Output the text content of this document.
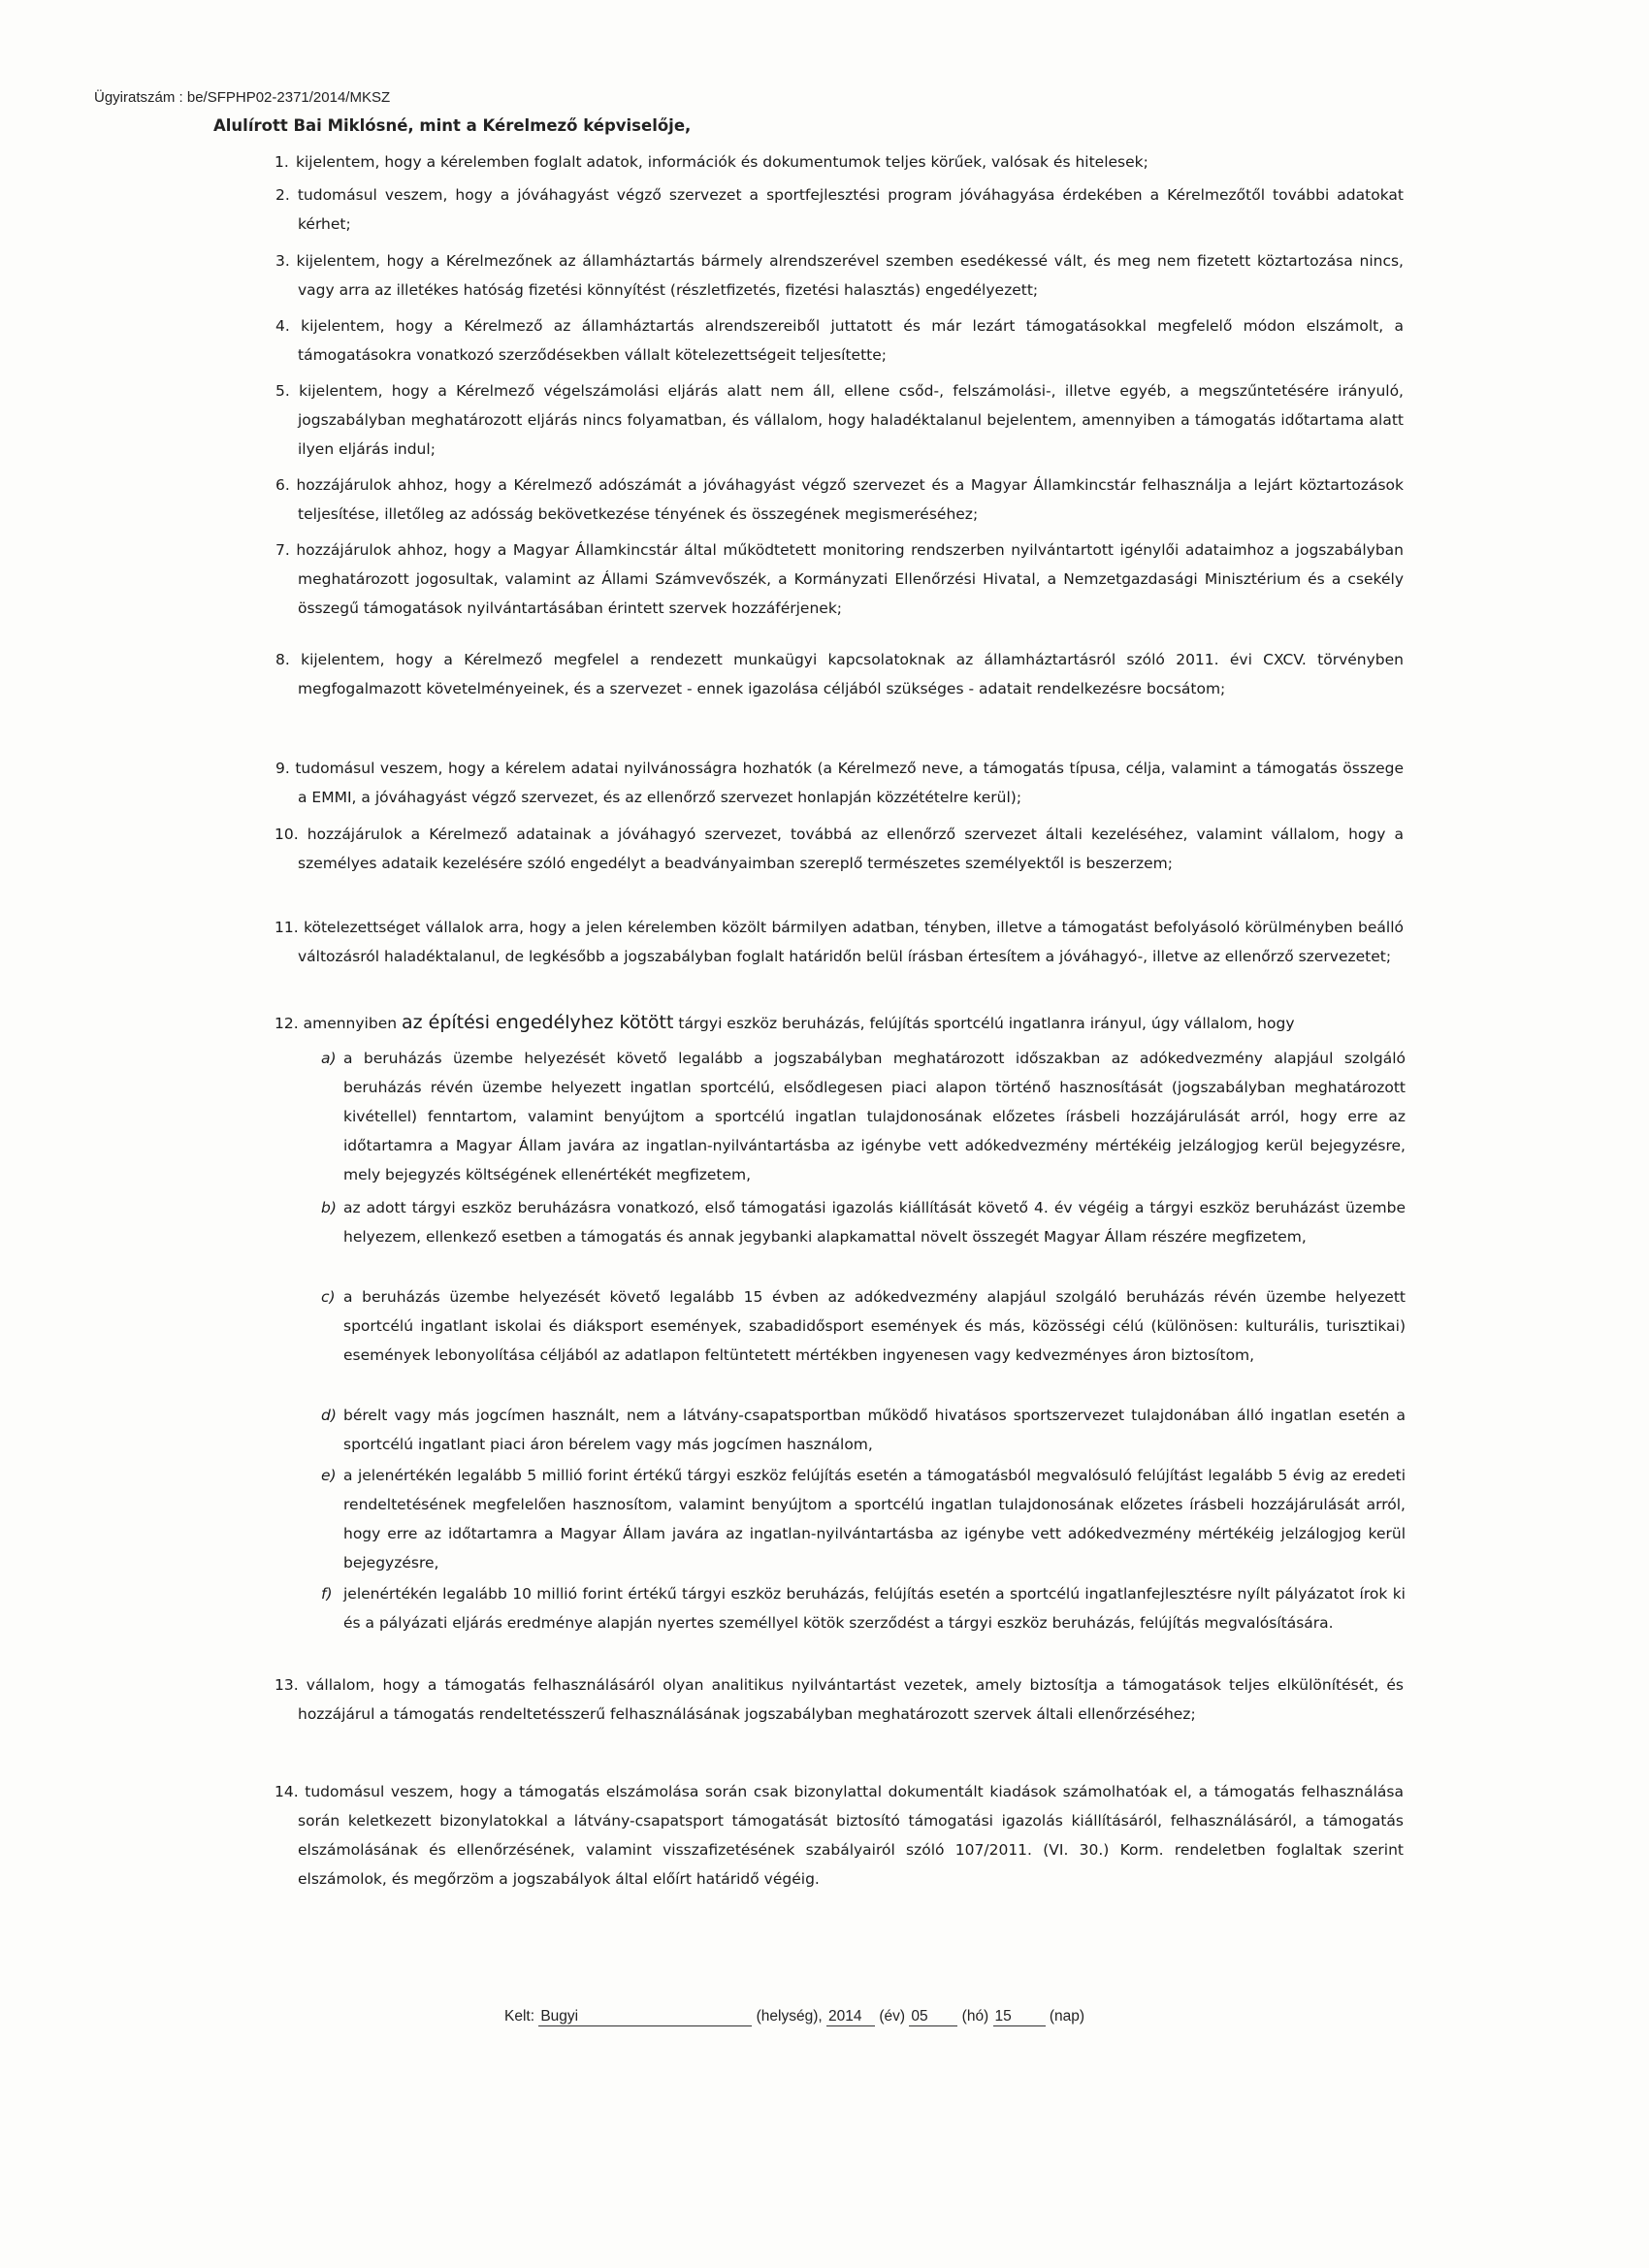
Ügyiratszám : be/SFPHP02-2371/2014/MKSZ
Alulírott Bai Miklósné, mint a Kérelmező képviselője,
1. kijelentem, hogy a kérelemben foglalt adatok, információk és dokumentumok teljes körűek, valósak és hitelesek;
2. tudomásul veszem, hogy a jóváhagyást végző szervezet a sportfejlesztési program jóváhagyása érdekében a Kérelmezőtől további adatokat kérhet;
3. kijelentem, hogy a Kérelmezőnek az államháztartás bármely alrendszerével szemben esedékessé vált, és meg nem fizetett köztartozása nincs, vagy arra az illetékes hatóság fizetési könnyítést (részletfizetés, fizetési halasztás) engedélyezett;
4. kijelentem, hogy a Kérelmező az államháztartás alrendszereiből juttatott és már lezárt támogatásokkal megfelelő módon elszámolt, a támogatásokra vonatkozó szerződésekben vállalt kötelezettségeit teljesítette;
5. kijelentem, hogy a Kérelmező végelszámolási eljárás alatt nem áll, ellene csőd-, felszámolási-, illetve egyéb, a megszűntetésére irányuló, jogszabályban meghatározott eljárás nincs folyamatban, és vállalom, hogy haladéktalanul bejelentem, amennyiben a támogatás időtartama alatt ilyen eljárás indul;
6. hozzájárulok ahhoz, hogy a Kérelmező adószámát a jóváhagyást végző szervezet és a Magyar Államkincstár felhasználja a lejárt köztartozások teljesítése, illetőleg az adósság bekövetkezése tényének és összegének megismeréséhez;
7. hozzájárulok ahhoz, hogy a Magyar Államkincstár által működtetett monitoring rendszerben nyilvántartott igénylői adataimhoz a jogszabályban meghatározott jogosultak, valamint az Állami Számvevőszék, a Kormányzati Ellenőrzési Hivatal, a Nemzetgazdasági Minisztérium és a csekély összegű támogatások nyilvántartásában érintett szervek hozzáférjenek;
8. kijelentem, hogy a Kérelmező megfelel a rendezett munkaügyi kapcsolatoknak az államháztartásról szóló 2011. évi CXCV. törvényben megfogalmazott követelményeinek, és a szervezet - ennek igazolása céljából szükséges - adatait rendelkezésre bocsátom;
9. tudomásul veszem, hogy a kérelem adatai nyilvánosságra hozhatók (a Kérelmező neve, a támogatás típusa, célja, valamint a támogatás összege a EMMI, a jóváhagyást végző szervezet, és az ellenőrző szervezet honlapján közzétételre kerül);
10. hozzájárulok a Kérelmező adatainak a jóváhagyó szervezet, továbbá az ellenőrző szervezet általi kezeléséhez, valamint vállalom, hogy a személyes adataik kezelésére szóló engedélyt a beadványaimban szereplő természetes személyektől is beszerzem;
11. kötelezettséget vállalok arra, hogy a jelen kérelemben közölt bármilyen adatban, tényben, illetve a támogatást befolyásoló körülményben beálló változásról haladéktalanul, de legkésőbb a jogszabályban foglalt határidőn belül írásban értesítem a jóváhagyó-, illetve az ellenőrző szervezetet;
12. amennyiben az építési engedélyhez kötött tárgyi eszköz beruházás, felújítás sportcélú ingatlanra irányul, úgy vállalom, hogy
a) a beruházás üzembe helyezését követő legalább a jogszabályban meghatározott időszakban az adókedvezmény alapjául szolgáló beruházás révén üzembe helyezett ingatlan sportcélú, elsődlegesen piaci alapon történő hasznosítását (jogszabályban meghatározott kivétellel) fenntartom, valamint benyújtom a sportcélú ingatlan tulajdonosának előzetes írásbeli hozzájárulását arról, hogy erre az időtartamra a Magyar Állam javára az ingatlan-nyilvántartásba az igénybe vett adókedvezmény mértékéig jelzálogjog kerül bejegyzésre, mely bejegyzés költségének ellenértékét megfizetem,
b) az adott tárgyi eszköz beruházásra vonatkozó, első támogatási igazolás kiállítását követő 4. év végéig a tárgyi eszköz beruházást üzembe helyezem, ellenkező esetben a támogatás és annak jegybanki alapkamattal növelt összegét Magyar Állam részére megfizetem,
c) a beruházás üzembe helyezését követő legalább 15 évben az adókedvezmény alapjául szolgáló beruházás révén üzembe helyezett sportcélú ingatlant iskolai és diáksport események, szabadidősport események és más, közösségi célú (különösen: kulturális, turisztikai) események lebonyolítása céljából az adatlapon feltüntetett mértékben ingyenesen vagy kedvezményes áron biztosítom,
d) bérelt vagy más jogcímen használt, nem a látvány-csapatsportban működő hivatásos sportszervezet tulajdonában álló ingatlan esetén a sportcélú ingatlant piaci áron bérelem vagy más jogcímen használom,
e) a jelenértékén legalább 5 millió forint értékű tárgyi eszköz felújítás esetén a támogatásból megvalósuló felújítást legalább 5 évig az eredeti rendeltetésének megfelelően hasznosítom, valamint benyújtom a sportcélú ingatlan tulajdonosának előzetes írásbeli hozzájárulását arról, hogy erre az időtartamra a Magyar Állam javára az ingatlan-nyilvántartásba az igénybe vett adókedvezmény mértékéig jelzálogjog kerül bejegyzésre,
f) jelenértékén legalább 10 millió forint értékű tárgyi eszköz beruházás, felújítás esetén a sportcélú ingatlanfejlesztésre nyílt pályázatot írok ki és a pályázati eljárás eredménye alapján nyertes személlyel kötök szerződést a tárgyi eszköz beruházás, felújítás megvalósítására.
13. vállalom, hogy a támogatás felhasználásáról olyan analitikus nyilvántartást vezetek, amely biztosítja a támogatások teljes elkülönítését, és hozzájárul a támogatás rendeltetésszerű felhasználásának jogszabályban meghatározott szervek általi ellenőrzéséhez;
14. tudomásul veszem, hogy a támogatás elszámolása során csak bizonylattal dokumentált kiadások számolhatóak el, a támogatás felhasználása során keletkezett bizonylatokkal a látvány-csapatsport támogatását biztosító támogatási igazolás kiállításáról, felhasználásáról, a támogatás elszámolásának és ellenőrzésének, valamint visszafizetésének szabályairól szóló 107/2011. (VI. 30.) Korm. rendeletben foglaltak szerint elszámolok, és megőrzöm a jogszabályok által előírt határidő végéig.
Kelt: Bugyi	(helység), 2014 (év) 05 (hó) 15	(nap)
